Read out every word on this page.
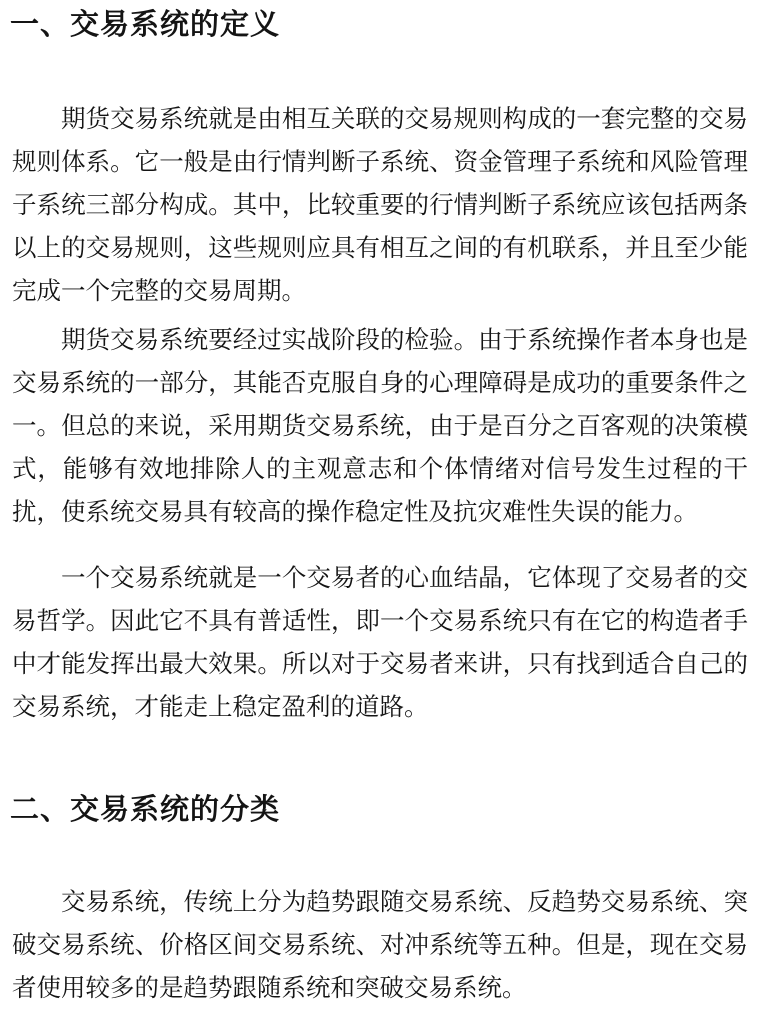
一、交易系统的定义

期货交易系统就是由相互关联的交易规则构成的一套完整的交易规则体系。它一般是由行情判断子系统、资金管理子系统和风险管理子系统三部分构成。其中，比较重要的行情判断子系统应该包括两条以上的交易规则，这些规则应具有相互之间的有机联系，并且至少能完成一个完整的交易周期。

期货交易系统要经过实战阶段的检验。由于系统操作者本身也是交易系统的一部分，其能否克服自身的心理障碍是成功的重要条件之一。但总的来说，采用期货交易系统，由于是百分之百客观的决策模式，能够有效地排除人的主观意志和个体情绪对信号发生过程的干扰，使系统交易具有较高的操作稳定性及抗灾难性失误的能力。

一个交易系统就是一个交易者的心血结晶，它体现了交易者的交易哲学。因此它不具有普适性，即一个交易系统只有在它的构造者手中才能发挥出最大效果。所以对于交易者来讲，只有找到适合自己的交易系统，才能走上稳定盈利的道路。

二、交易系统的分类

交易系统，传统上分为趋势跟随交易系统、反趋势交易系统、突破交易系统、价格区间交易系统、对冲系统等五种。但是，现在交易者使用较多的是趋势跟随系统和突破交易系统。
